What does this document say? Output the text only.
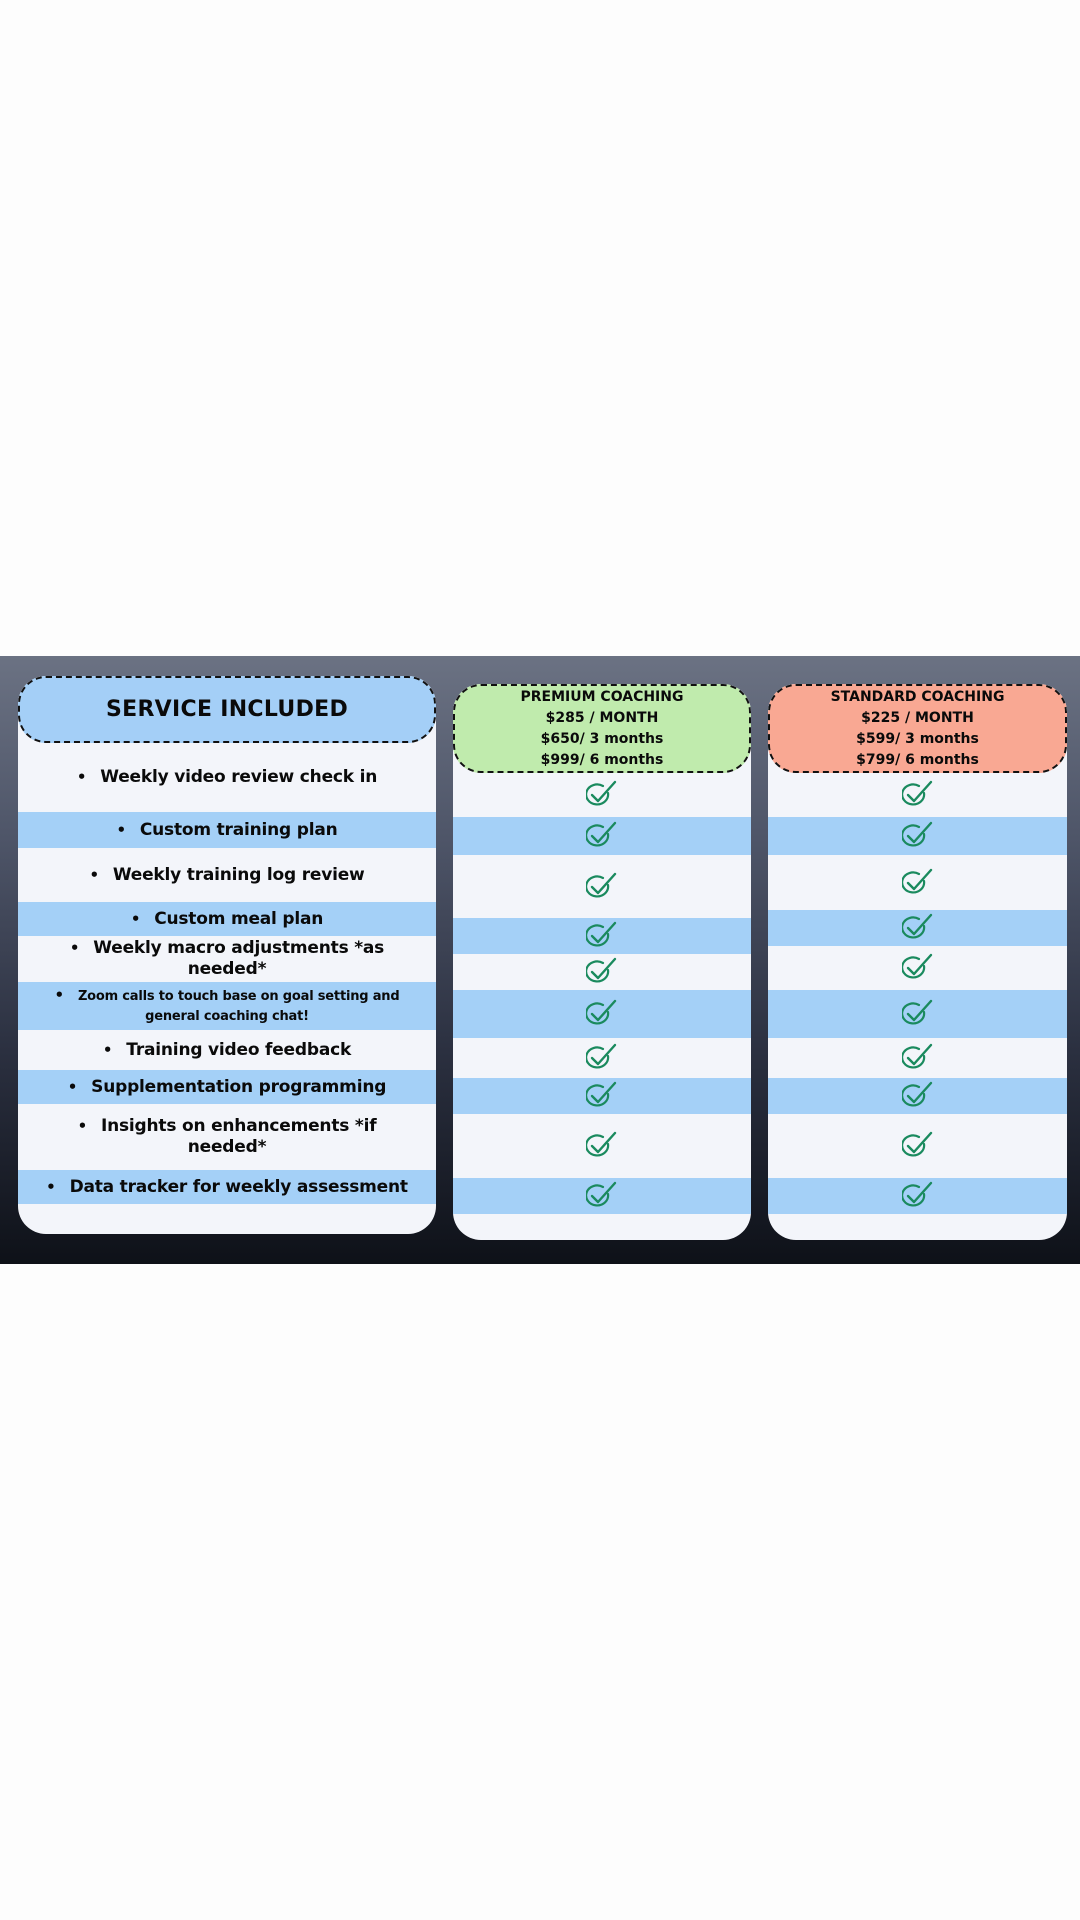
SERVICE INCLUDED
• Weekly video review check in
• Custom training plan
• Weekly training log review
• Custom meal plan
• Weekly macro adjustments *as needed*
• Zoom calls to touch base on goal setting and general coaching chat!
• Training video feedback
• Supplementation programming
• Insights on enhancements *if needed*
• Data tracker for weekly assessment
PREMIUM COACHING
$285 / MONTH
$650/ 3 months
$999/ 6 months
STANDARD COACHING
$225 / MONTH
$599/ 3 months
$799/ 6 months
